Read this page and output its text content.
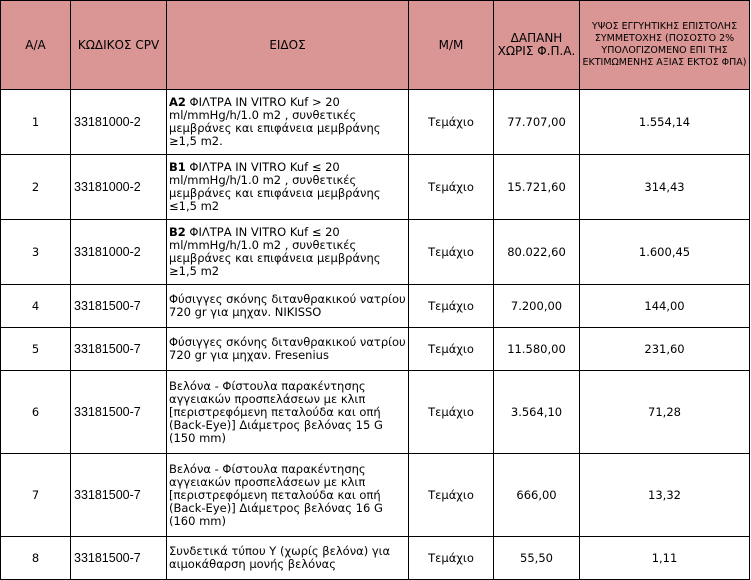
Α/Α	ΚΩΔΙΚΟΣ CPV	ΕΙΔΟΣ	Μ/Μ	ΔΑΠΑΝΗ ΧΩΡΙΣ Φ.Π.Α.	ΥΨΟΣ ΕΓΓΥΗΤΙΚΗΣ ΕΠΙΣΤΟΛΗΣ ΣΥΜΜΕΤΟΧΗΣ (ΠΟΣΟΣΤΟ 2% ΥΠΟΛΟΓΙΖΟΜΕΝΟ ΕΠΙ ΤΗΣ ΕΚΤΙΜΩΜΕΝΗΣ ΑΞΙΑΣ ΕΚΤΟΣ ΦΠΑ)
1	33181000-2	Α2 ΦΙΛΤΡΑ IN VITRO Kuf > 20 ml/mmHg/h/1.0 m2 , συνθετικές μεμβράνες και επιφάνεια μεμβράνης ≥1,5 m2.	Τεμάχιο	77.707,00	1.554,14
2	33181000-2	Β1 ΦΙΛΤΡΑ IN VITRO Kuf ≤ 20 ml/mmHg/h/1.0 m2 , συνθετικές μεμβράνες και επιφάνεια μεμβράνης ≤1,5 m2	Τεμάχιο	15.721,60	314,43
3	33181000-2	Β2 ΦΙΛΤΡΑ IN VITRO Kuf ≤ 20 ml/mmHg/h/1.0 m2 , συνθετικές μεμβράνες και επιφάνεια μεμβράνης ≥1,5 m2	Τεμάχιο	80.022,60	1.600,45
4	33181500-7	Φύσιγγες σκόνης διτανθρακικού νατρίου 720 gr για μηχαν. NIKISSO	Τεμάχιο	7.200,00	144,00
5	33181500-7	Φύσιγγες σκόνης διτανθρακικού νατρίου 720 gr για μηχαν. Fresenius	Τεμάχιο	11.580,00	231,60
6	33181500-7	Βελόνα - Φίστουλα παρακέντησης αγγειακών προσπελάσεων με κλιπ [περιστρεφόμενη πεταλούδα και οπή (Back-Eye)] Διάμετρος βελόνας 15 G (150 mm)	Τεμάχιο	3.564,10	71,28
7	33181500-7	Βελόνα - Φίστουλα παρακέντησης αγγειακών προσπελάσεων με κλιπ [περιστρεφόμενη πεταλούδα και οπή (Back-Eye)] Διάμετρος βελόνας 16 G (160 mm)	Τεμάχιο	666,00	13,32
8	33181500-7	Συνδετικά τύπου Υ (χωρίς βελόνα) για αιμοκάθαρση μονής βελόνας	Τεμάχιο	55,50	1,11
